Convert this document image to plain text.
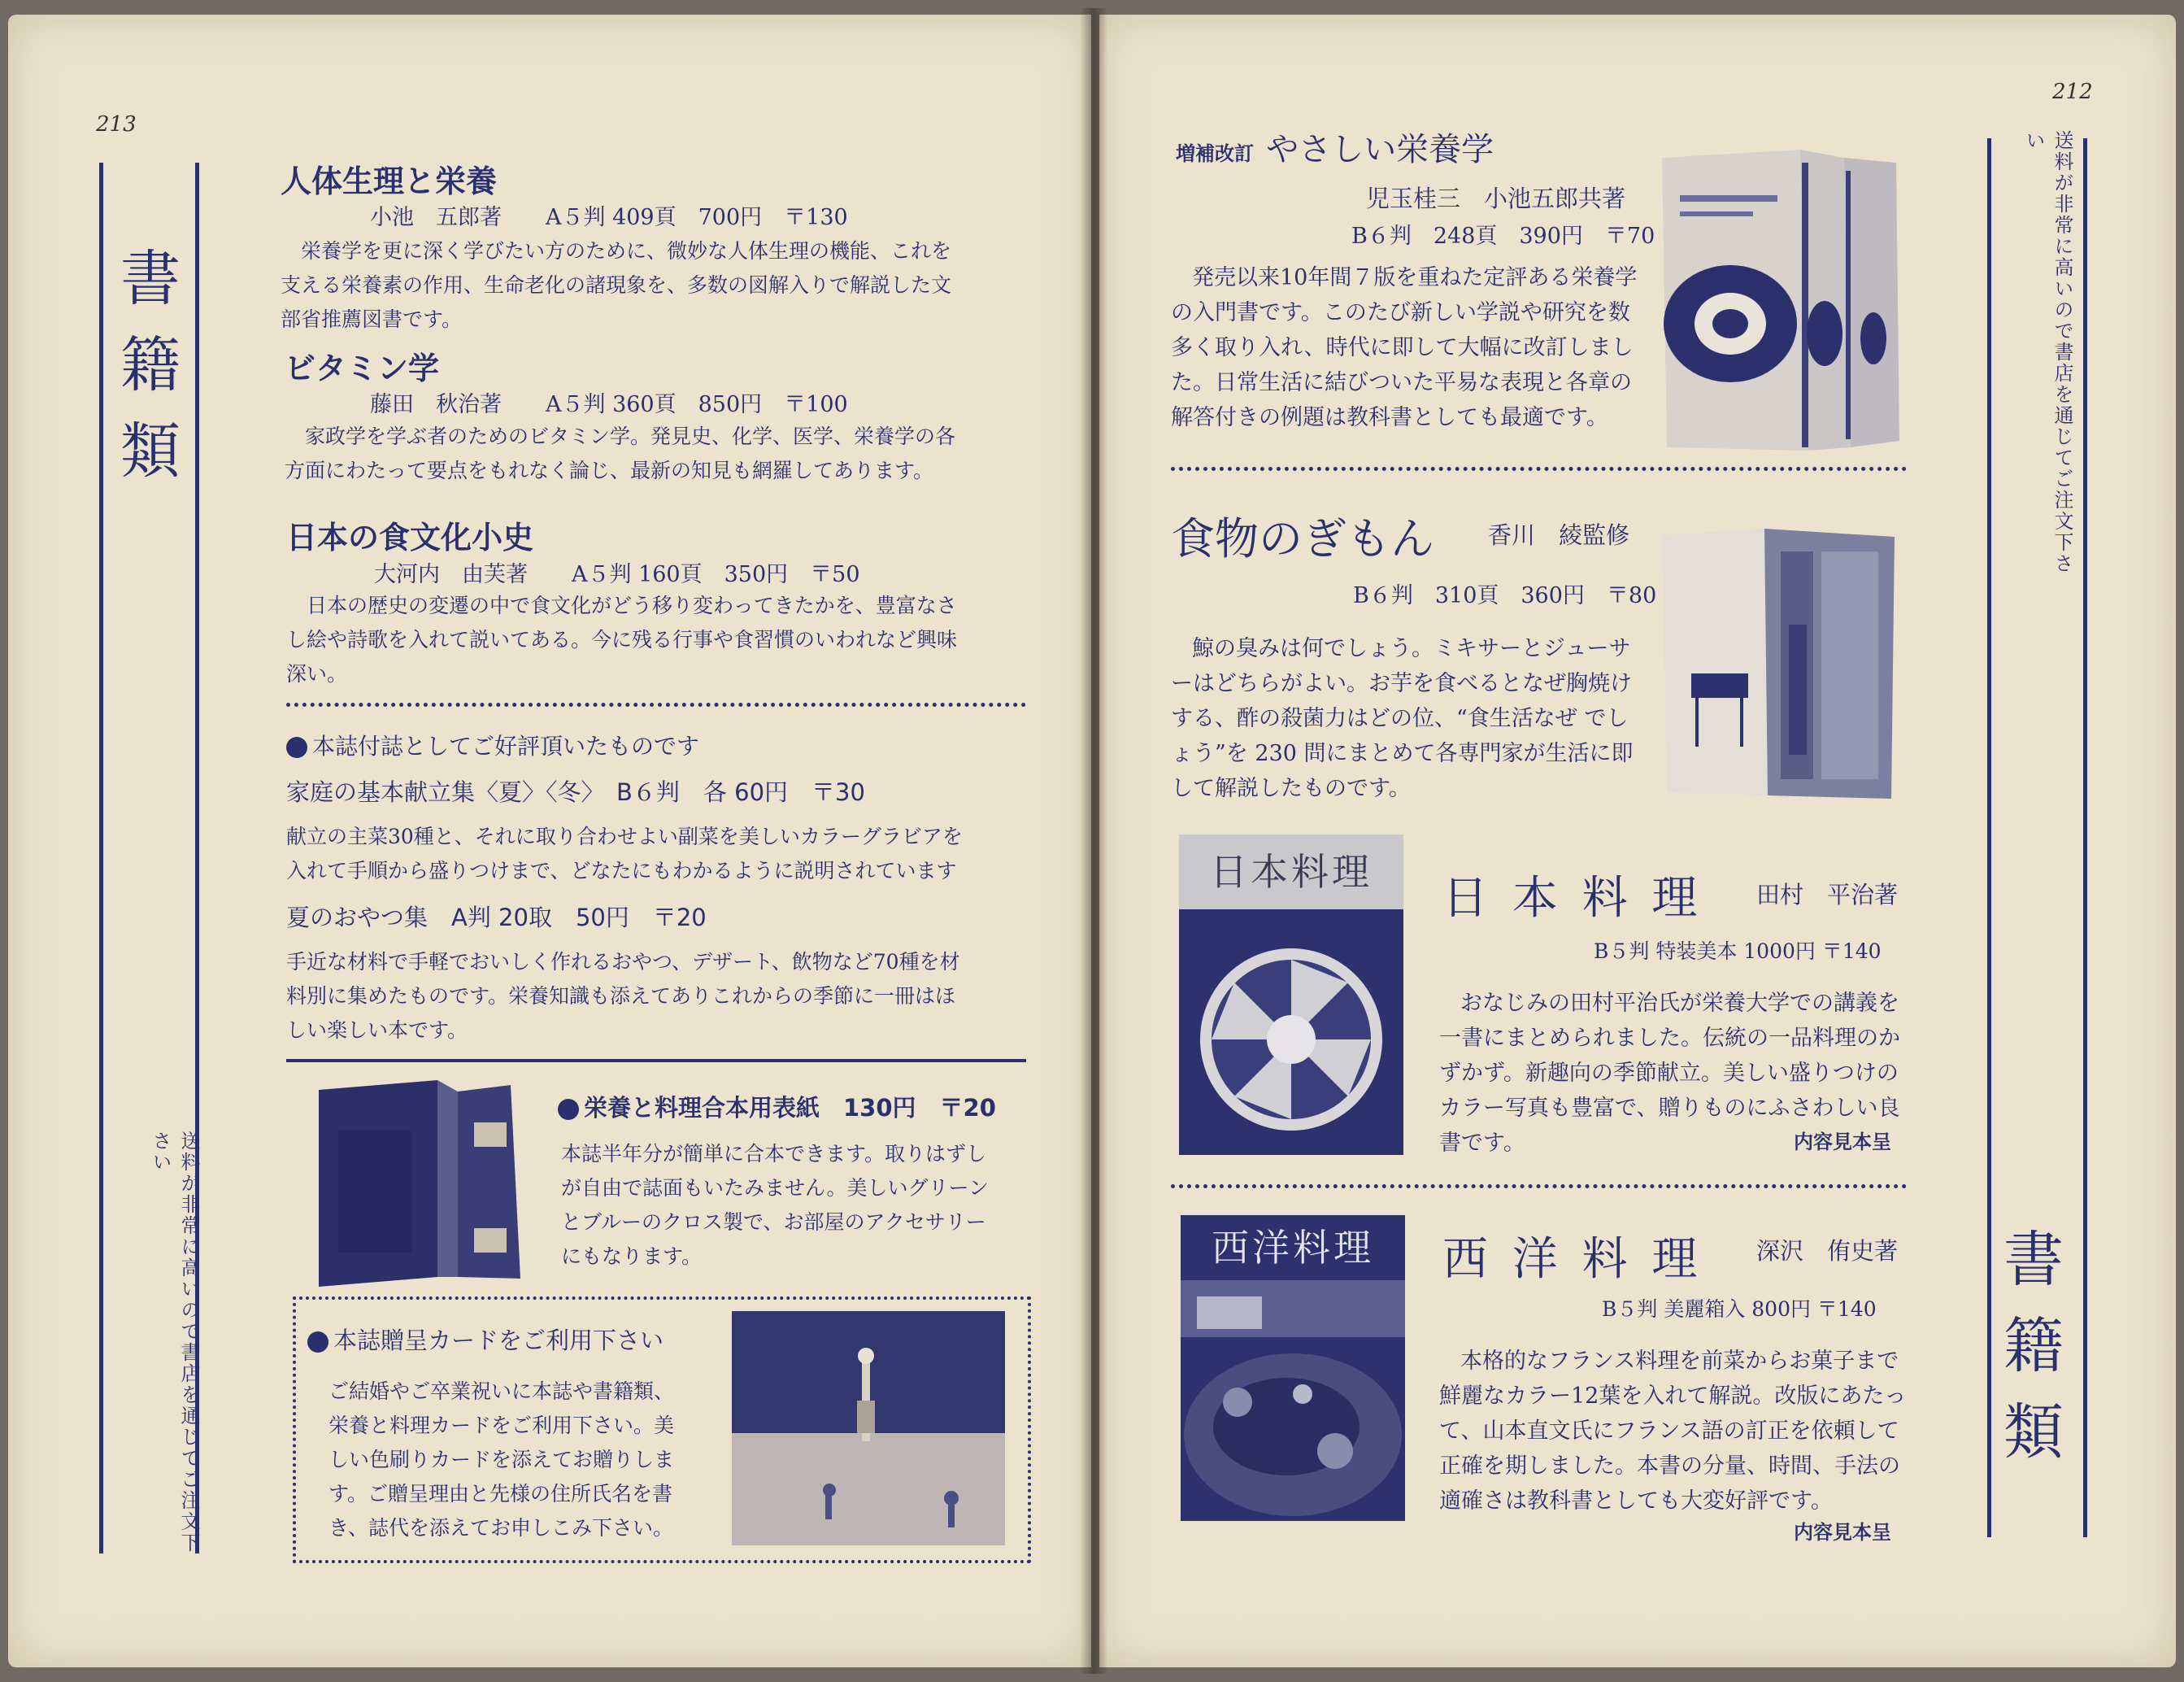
213
書
籍
類
送料が非常に高いので書店を通じてご注文下さい
人体生理と栄養
小池　五郎著　　A５判 409頁　700円　〒130
栄養学を更に深く学びたい方のために、微妙な人体生理の機能、これを
支える栄養素の作用、生命老化の諸現象を、多数の図解入りで解説した文
部省推薦図書です。
ビタミン学
藤田　秋治著　　A５判 360頁　850円　〒100
家政学を学ぶ者のためのビタミン学。発見史、化学、医学、栄養学の各
方面にわたって要点をもれなく論じ、最新の知見も網羅してあります。
日本の食文化小史
大河内　由芙著　　A５判 160頁　350円　〒50
日本の歴史の変遷の中で食文化がどう移り変わってきたかを、豊富なさ
し絵や詩歌を入れて説いてある。今に残る行事や食習慣のいわれなど興味
深い。
本誌付誌としてご好評頂いたものです
家庭の基本献立集〈夏〉〈冬〉　B６判　各 60円　〒30
献立の主菜30種と、それに取り合わせよい副菜を美しいカラーグラビアを
入れて手順から盛りつけまで、どなたにもわかるように説明されています
夏のおやつ集　A判 20取　50円　〒20
手近な材料で手軽でおいしく作れるおやつ、デザート、飲物など70種を材
料別に集めたものです。栄養知識も添えてありこれからの季節に一冊はほ
しい楽しい本です。
栄養と料理合本用表紙　130円　〒20
本誌半年分が簡単に合本できます。取りはずし
が自由で誌面もいたみません。美しいグリーン
とブルーのクロス製で、お部屋のアクセサリー
にもなります。
本誌贈呈カードをご利用下さい
ご結婚やご卒業祝いに本誌や書籍類、
栄養と料理カードをご利用下さい。美
しい色刷りカードを添えてお贈りしま
す。ご贈呈理由と先様の住所氏名を書
き、誌代を添えてお申しこみ下さい。
212
送料が非常に高いので書店を通じてご注文下さい
書
籍
類
増補改訂 やさしい栄養学
児玉桂三　小池五郎共著
B６判　248頁　390円　〒70
発売以来10年間７版を重ねた定評ある栄養学
の入門書です。このたび新しい学説や研究を数
多く取り入れ、時代に即して大幅に改訂しまし
た。日常生活に結びついた平易な表現と各章の
解答付きの例題は教科書としても最適です。
食物のぎもん 香川　綾監修
B６判　310頁　360円　〒80
鯨の臭みは何でしょう。ミキサーとジューサ
ーはどちらがよい。お芋を食べるとなぜ胸焼け
する、酢の殺菌力はどの位、“食生活なぜ でし
ょう”を 230 問にまとめて各専門家が生活に即
して解説したものです。
日本料理	日 本 料 理 田村　平治著
B５判 特装美本 1000円 〒140
おなじみの田村平治氏が栄養大学での講義を
一書にまとめられました。伝統の一品料理のか
ずかず。新趣向の季節献立。美しい盛りつけの
カラー写真も豊富で、贈りものにふさわしい良
書です。	内容見本呈
西洋料理	西 洋 料 理 深沢　侑史著
B５判 美麗箱入 800円 〒140
本格的なフランス料理を前菜からお菓子まで
鮮麗なカラー12葉を入れて解説。改版にあたっ
て、山本直文氏にフランス語の訂正を依頼して
正確を期しました。本書の分量、時間、手法の
適確さは教科書としても大変好評です。
内容見本呈
